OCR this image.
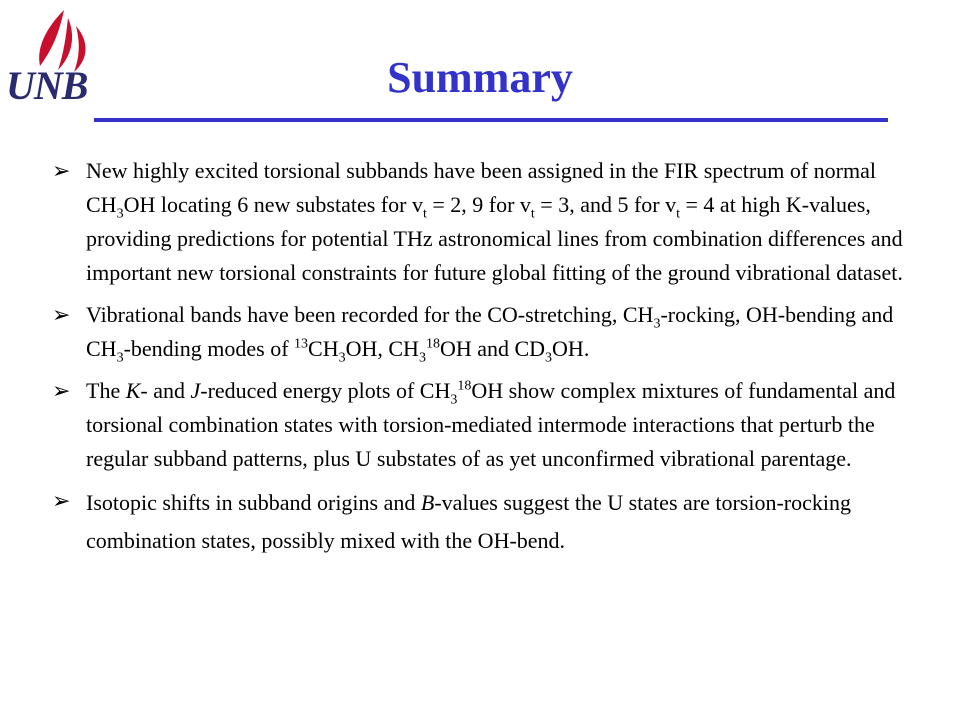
UNB	Summary
➢ New highly excited torsional subbands have been assigned in the FIR spectrum of normal $CH_3OH$ locating 6 new substates for $v_t = 2$, 9 for $v_t = 3$, and 5 for $v_t = 4$ at high K-values, providing predictions for potential THz astronomical lines from combination differences and important new torsional constraints for future global fitting of the ground vibrational dataset.
➢ Vibrational bands have been recorded for the CO-stretching, $CH_3$-rocking, OH-bending and $CH_3$-bending modes of $^{13}CH_3OH$, $CH_3^{18}OH$ and $CD_3OH$.
➢ The K- and J-reduced energy plots of $CH_3^{18}OH$ show complex mixtures of fundamental and torsional combination states with torsion-mediated intermode interactions that perturb the regular subband patterns, plus U substates of as yet unconfirmed vibrational parentage.
➢ Isotopic shifts in subband origins and B-values suggest the U states are torsion-rocking combination states, possibly mixed with the OH-bend.
